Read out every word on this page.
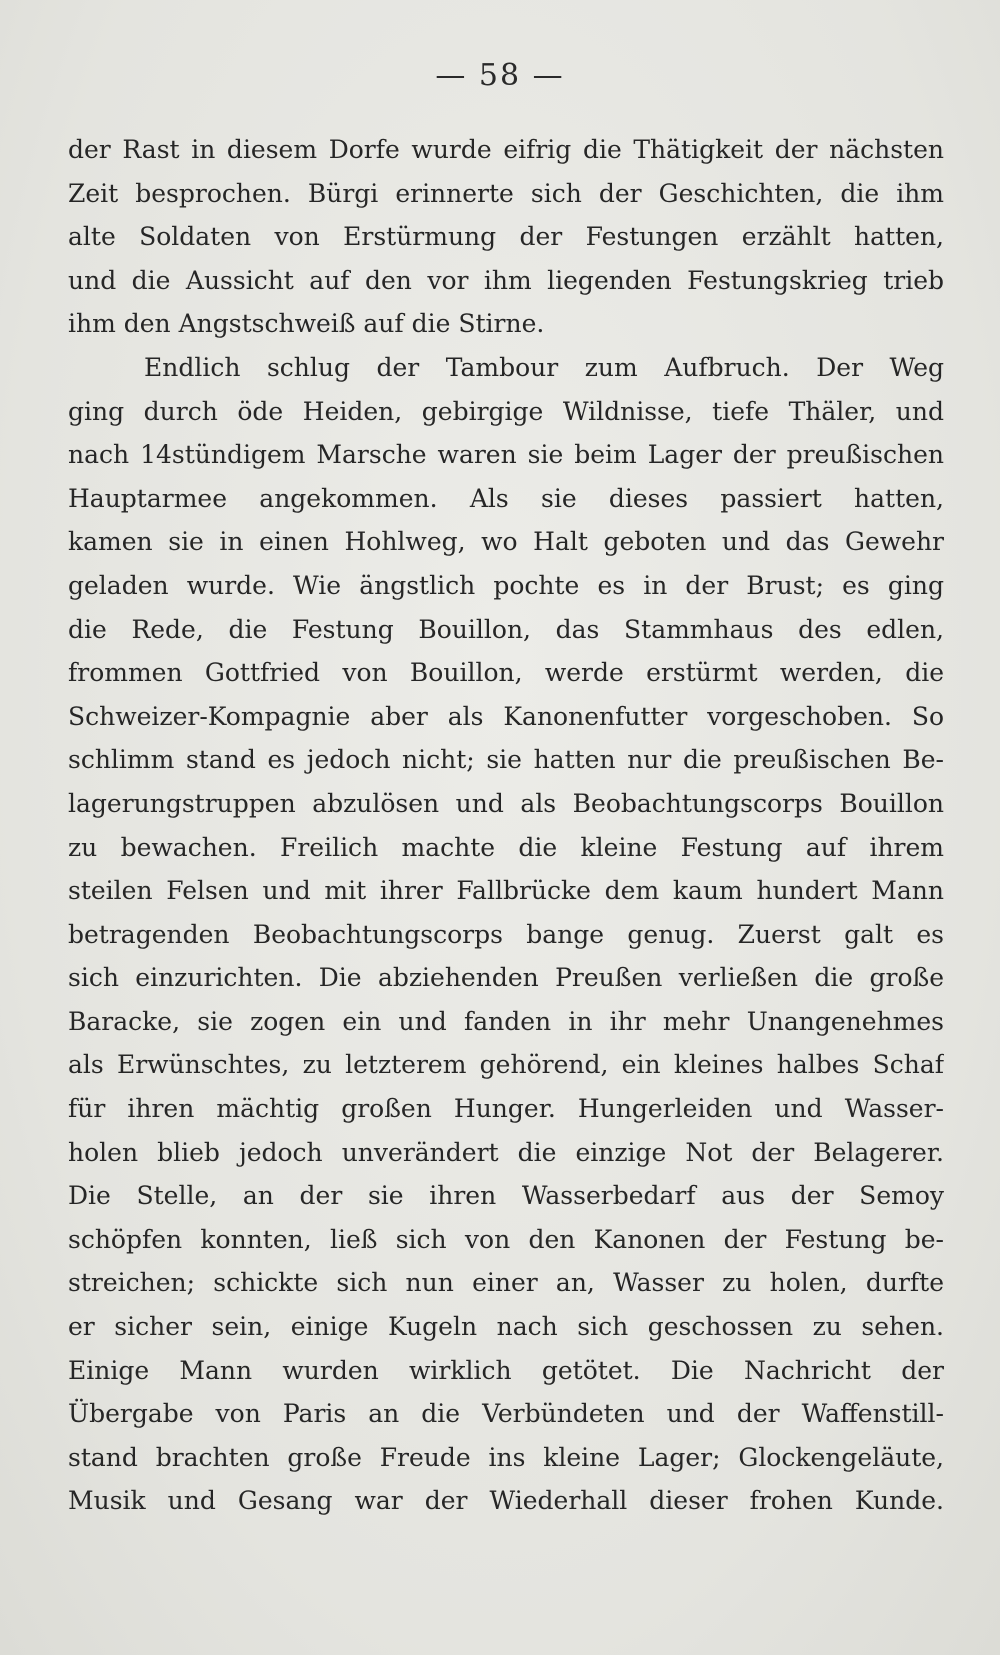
— 58 —
der Rast in diesem Dorfe wurde eifrig die Thätigkeit der nächsten
Zeit besprochen. Bürgi erinnerte sich der Geschichten, die ihm
alte Soldaten von Erstürmung der Festungen erzählt hatten,
und die Aussicht auf den vor ihm liegenden Festungskrieg trieb
ihm den Angstschweiß auf die Stirne.
Endlich schlug der Tambour zum Aufbruch. Der Weg
ging durch öde Heiden, gebirgige Wildnisse, tiefe Thäler, und
nach 14stündigem Marsche waren sie beim Lager der preußischen
Hauptarmee angekommen. Als sie dieses passiert hatten,
kamen sie in einen Hohlweg, wo Halt geboten und das Gewehr
geladen wurde. Wie ängstlich pochte es in der Brust; es ging
die Rede, die Festung Bouillon, das Stammhaus des edlen,
frommen Gottfried von Bouillon, werde erstürmt werden, die
Schweizer-Kompagnie aber als Kanonenfutter vorgeschoben. So
schlimm stand es jedoch nicht; sie hatten nur die preußischen Be-
lagerungstruppen abzulösen und als Beobachtungscorps Bouillon
zu bewachen. Freilich machte die kleine Festung auf ihrem
steilen Felsen und mit ihrer Fallbrücke dem kaum hundert Mann
betragenden Beobachtungscorps bange genug. Zuerst galt es
sich einzurichten. Die abziehenden Preußen verließen die große
Baracke, sie zogen ein und fanden in ihr mehr Unangenehmes
als Erwünschtes, zu letzterem gehörend, ein kleines halbes Schaf
für ihren mächtig großen Hunger. Hungerleiden und Wasser-
holen blieb jedoch unverändert die einzige Not der Belagerer.
Die Stelle, an der sie ihren Wasserbedarf aus der Semoy
schöpfen konnten, ließ sich von den Kanonen der Festung be-
streichen; schickte sich nun einer an, Wasser zu holen, durfte
er sicher sein, einige Kugeln nach sich geschossen zu sehen.
Einige Mann wurden wirklich getötet. Die Nachricht der
Übergabe von Paris an die Verbündeten und der Waffenstill-
stand brachten große Freude ins kleine Lager; Glockengeläute,
Musik und Gesang war der Wiederhall dieser frohen Kunde.
